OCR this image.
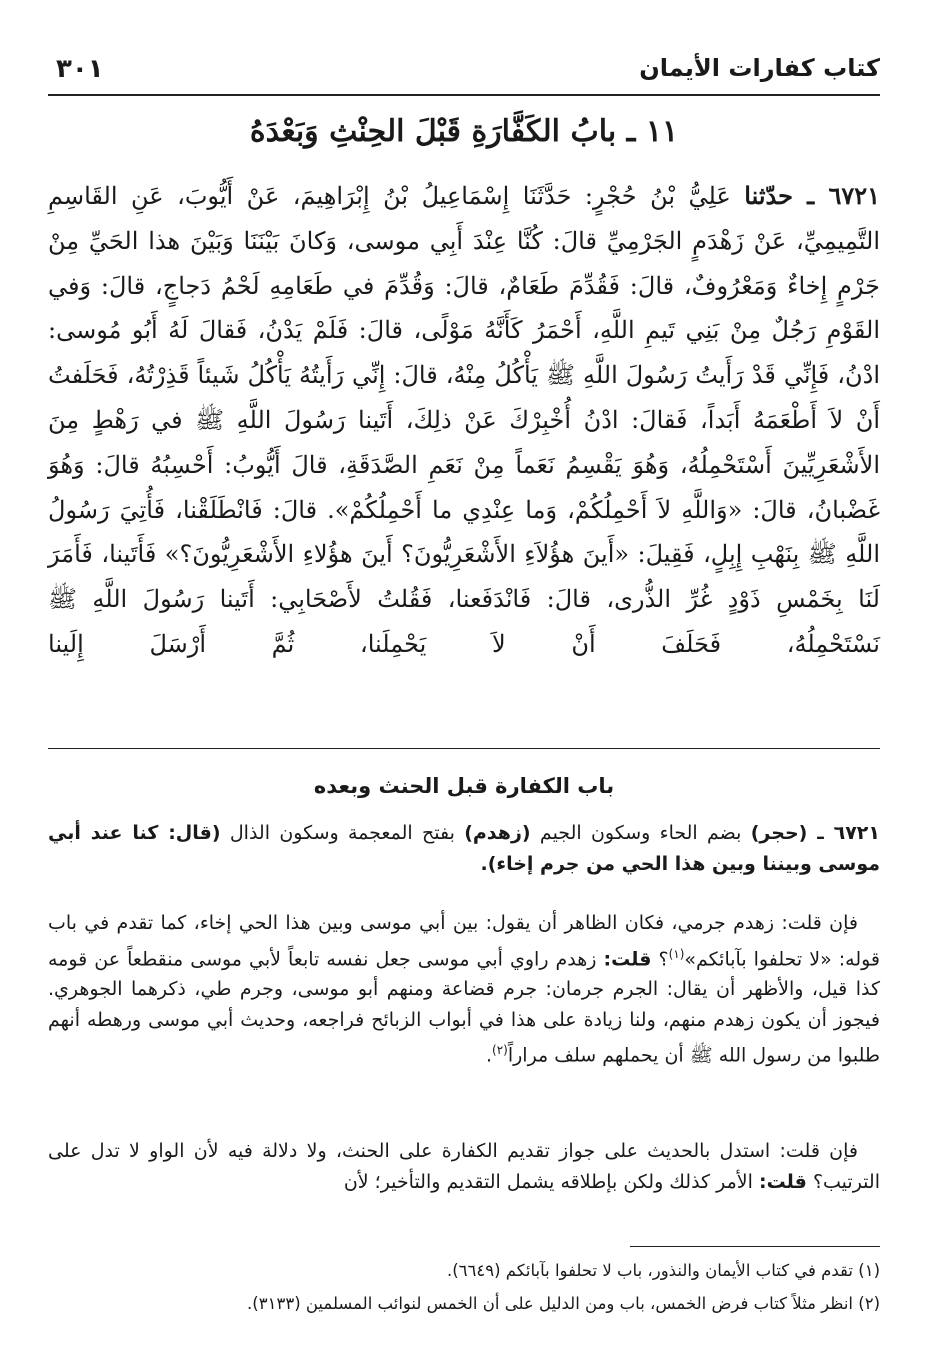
كتاب كفارات الأيمان
٣٠١
١١ ـ بابُ الكَفَّارَةِ قَبْلَ الحِنْثِ وَبَعْدَهُ
٦٧٢١ ـ حدّثنا عَلِيُّ بْنُ حُجْرٍ: حَدَّثَنَا إِسْمَاعِيلُ بْنُ إِبْرَاهِيمَ، عَنْ أَيُّوبَ، عَنِ القَاسِمِ التَّمِيمِيِّ، عَنْ زَهْدَمٍ الجَرْمِيِّ قالَ: كُنَّا عِنْدَ أَبِي موسى، وَكانَ بَيْنَنَا وَبَيْنَ هذا الحَيِّ مِنْ جَرْمٍ إِخاءٌ وَمَعْرُوفٌ، قالَ: فَقُدِّمَ طَعَامٌ، قالَ: وَقُدِّمَ في طَعَامِهِ لَحْمُ دَجاجٍ، قالَ: وَفي القَوْمِ رَجُلٌ مِنْ بَنِي تَيمِ اللَّهِ، أَحْمَرُ كَأَنَّهُ مَوْلًى، قالَ: فَلَمْ يَدْنُ، فَقالَ لَهُ أَبُو مُوسى: ادْنُ، فَإِنِّي قَدْ رَأَيتُ رَسُولَ اللَّهِ ﷺ يَأْكُلُ مِنْهُ، قالَ: إِنِّي رَأَيتُهُ يَأْكُلُ شَيئاً قَذِرْتُهُ، فَحَلَفتُ أَنْ لاَ أَطْعَمَهُ أَبَداً، فَقالَ: ادْنُ أُخْبِرْكَ عَنْ ذلِكَ، أَتَينا رَسُولَ اللَّهِ ﷺ في رَهْطٍ مِنَ الأَشْعَرِيِّينَ أَسْتَحْمِلُهُ، وَهُوَ يَقْسِمُ نَعَماً مِنْ نَعَمِ الصَّدَقَةِ، قالَ أَيُّوبُ: أَحْسِبُهُ قالَ: وَهُوَ غَضْبانُ، قالَ: «وَاللَّهِ لاَ أَحْمِلُكُمْ، وَما عِنْدِي ما أَحْمِلُكُمْ». قالَ: فَانْطَلَقْنا، فَأُتِيَ رَسُولُ اللَّهِ ﷺ بِنَهْبِ إِبِلٍ، فَقِيلَ: «أَينَ هؤُلاَءِ الأَشْعَرِيُّونَ؟ أَينَ هؤُلاءِ الأَشْعَرِيُّونَ؟» فَأَتَينا، فَأَمَرَ لَنَا بِخَمْسِ ذَوْدٍ غُرِّ الذُّرى، قالَ: فَانْدَفَعنا، فَقُلتُ لأَصْحَابِي: أَتَينا رَسُولَ اللَّهِ ﷺ نَسْتَحْمِلُهُ، فَحَلَفَ أَنْ لاَ يَحْمِلَنا، ثُمَّ أَرْسَلَ إِلَينا
باب الكفارة قبل الحنث وبعده
٦٧٢١ ـ (حجر) بضم الحاء وسكون الجيم (زهدم) بفتح المعجمة وسكون الذال (قال: كنا عند أبي موسى وبيننا وبين هذا الحي من جرم إخاء).
فإن قلت: زهدم جرمي، فكان الظاهر أن يقول: بين أبي موسى وبين هذا الحي إخاء، كما تقدم في باب قوله: «لا تحلفوا بآبائكم»$^{(١)}$؟ قلت: زهدم راوي أبي موسى جعل نفسه تابعاً لأبي موسى منقطعاً عن قومه كذا قيل، والأظهر أن يقال: الجرم جرمان: جرم قضاعة ومنهم أبو موسى، وجرم طي، ذكرهما الجوهري. فيجوز أن يكون زهدم منهم، ولنا زيادة على هذا في أبواب الزبائح فراجعه، وحديث أبي موسى ورهطه أنهم طلبوا من رسول الله ﷺ أن يحملهم سلف مراراً$^{(٢)}$.
فإن قلت: استدل بالحديث على جواز تقديم الكفارة على الحنث، ولا دلالة فيه لأن الواو لا تدل على الترتيب؟ قلت: الأمر كذلك ولكن بإطلاقه يشمل التقديم والتأخير؛ لأن
(١) تقدم في كتاب الأيمان والنذور، باب لا تحلفوا بآبائكم (٦٦٤٩).
(٢) انظر مثلاً كتاب فرض الخمس، باب ومن الدليل على أن الخمس لنوائب المسلمين (٣١٣٣).
